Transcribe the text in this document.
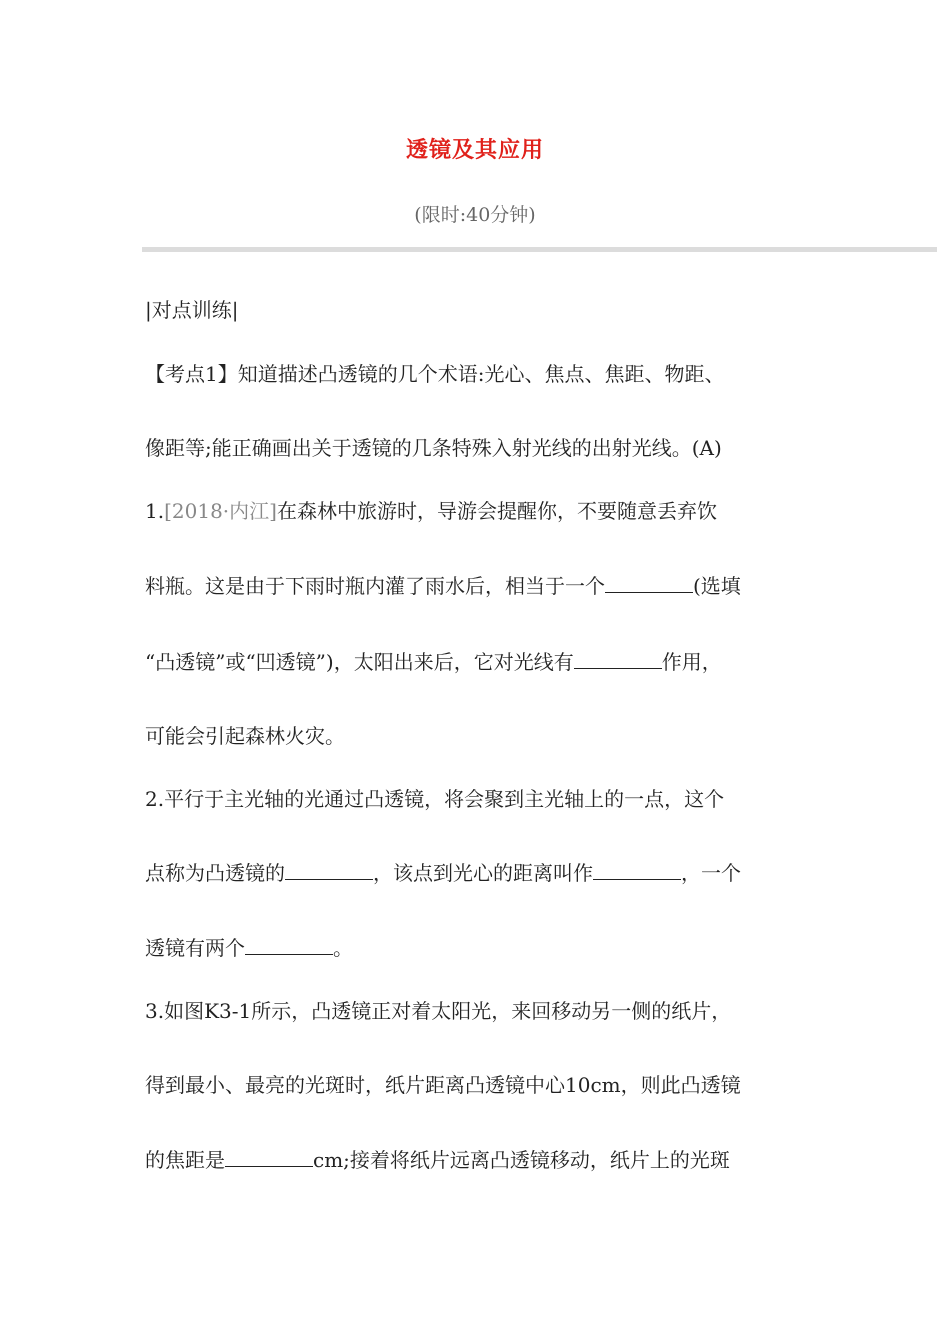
透镜及其应用
(限时:40分钟)
|对点训练|
【考点1】知道描述凸透镜的几个术语:光心、焦点、焦距、物距、
像距等;能正确画出关于透镜的几条特殊入射光线的出射光线。(A)
1.[2018·内江]在森林中旅游时，导游会提醒你，不要随意丢弃饮
料瓶。这是由于下雨时瓶内灌了雨水后，相当于一个	(选填
“凸透镜”或“凹透镜”)，太阳出来后，它对光线有	作用，
可能会引起森林火灾。
2.平行于主光轴的光通过凸透镜，将会聚到主光轴上的一点，这个
点称为凸透镜的	，该点到光心的距离叫作	，一个
透镜有两个	。
3.如图K3-1所示，凸透镜正对着太阳光，来回移动另一侧的纸片，
得到最小、最亮的光斑时，纸片距离凸透镜中心10cm，则此凸透镜
的焦距是	cm;接着将纸片远离凸透镜移动，纸片上的光斑
